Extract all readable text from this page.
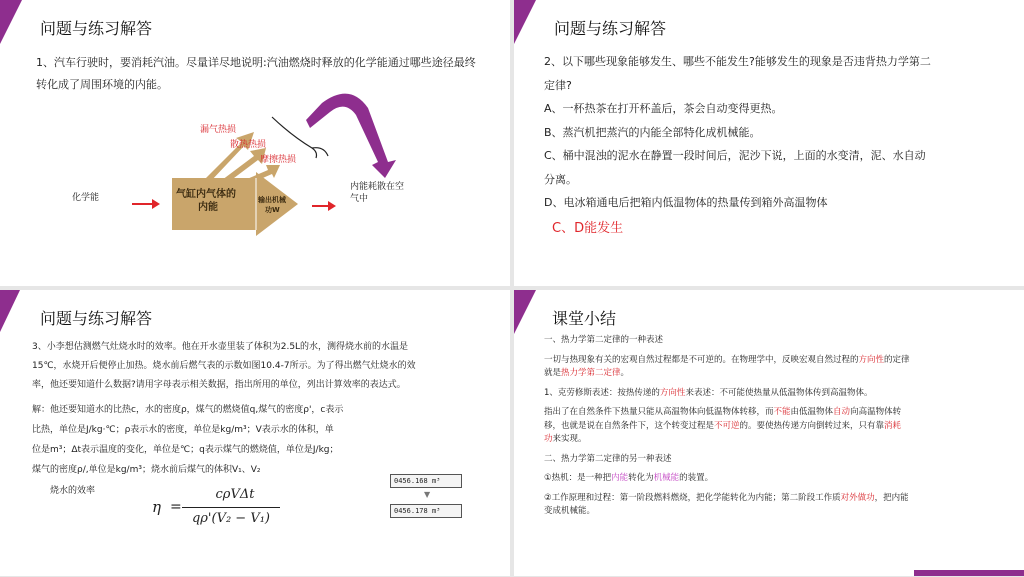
问题与练习解答
1、汽车行驶时，要消耗汽油。尽量详尽地说明:汽油燃烧时释放的化学能通过哪些途径最终转化成了周围环境的内能。
化学能	气缸内气体的
内能
输出机械
功W
漏气热损
散热热损
摩擦热损
内能耗散在空
气中
问题与练习解答
2、以下哪些现象能够发生、哪些不能发生?能够发生的现象是否违背热力学第二
定律?
A、一杯热茶在打开杯盖后，茶会自动变得更热。
B、蒸汽机把蒸汽的内能全部特化成机械能。
C、桶中混浊的泥水在静置一段时间后，泥沙下说，上面的水变清，泥、水自动
分离。
D、电冰箱通电后把箱内低温物体的热量传到箱外高温物体
C、D能发生
问题与练习解答
3、小李想估测燃气灶烧水时的效率。他在开水壶里装了体积为2.5L的水，测得烧水前的水温是
15℃，水烧开后便停止加热。烧水前后燃气表的示数如图10.4-7所示。为了得出燃气灶烧水的效
率，他还要知道什么数据?请用字母表示相关数据，指出所用的单位，列出计算效率的表达式。
解：他还要知道水的比热c，水的密度ρ，煤气的燃烧值q,煤气的密度ρ'，c表示
比热，单位是J/kg·℃；ρ表示水的密度，单位是kg/m³；V表示水的体积，单
位是m³；Δt表示温度的变化，单位是℃；q表示煤气的燃烧值，单位是J/kg；
煤气的密度ρ/,单位是kg/m³；烧水前后煤气的体积V₁、V₂
烧水的效率
η =
cρVΔt
qρ'(V₂ − V₁)
0456.168 m³
▼
0456.178 m³
课堂小结
一、热力学第二定律的一种表述
一切与热现象有关的宏观自然过程都是不可逆的。在物理学中，反映宏观自然过程的方向性的定律
就是热力学第二定律。
1、克劳修斯表述：按热传递的方向性来表述：不可能使热量从低温物体传到高温物体。
指出了在自然条件下热量只能从高温物体向低温物体转移，而不能由低温物体自动向高温物体转
移，也就是说在自然条件下，这个转变过程是不可逆的。要使热传递方向倒转过来，只有靠消耗
功来实现。
二、热力学第二定律的另一种表述
①热机：是一种把内能转化为机械能的装置。
②工作原理和过程：第一阶段燃料燃烧，把化学能转化为内能；第二阶段工作质对外做功，把内能
变成机械能。
